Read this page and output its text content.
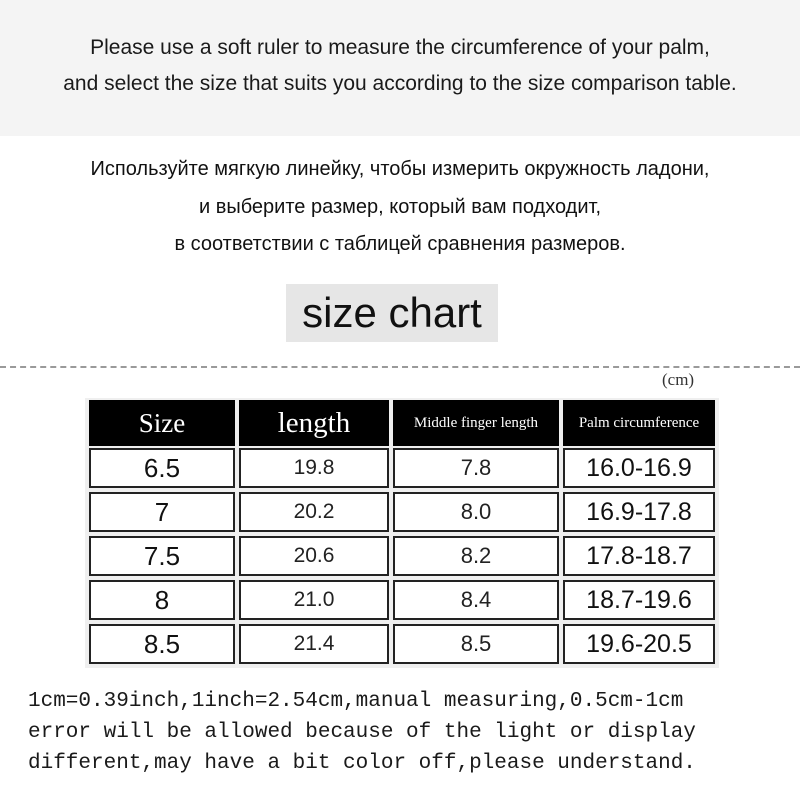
Please use a soft ruler to measure the circumference of your palm,
and select the size that suits you according to the size comparison table.
Используйте мягкую линейку, чтобы измерить окружность ладони,
и выберите размер, который вам подходит,
в соответствии с таблицей сравнения размеров.
size chart
(cm)
Size	length	Middle finger length	Palm circumference
6.5	19.8	7.8	16.0-16.9
7	20.2	8.0	16.9-17.8
7.5	20.6	8.2	17.8-18.7
8	21.0	8.4	18.7-19.6
8.5	21.4	8.5	19.6-20.5
1cm=0.39inch,1inch=2.54cm,manual measuring,0.5cm-1cm
error will be allowed because of the light or display
different,may have a bit color off,please understand.
